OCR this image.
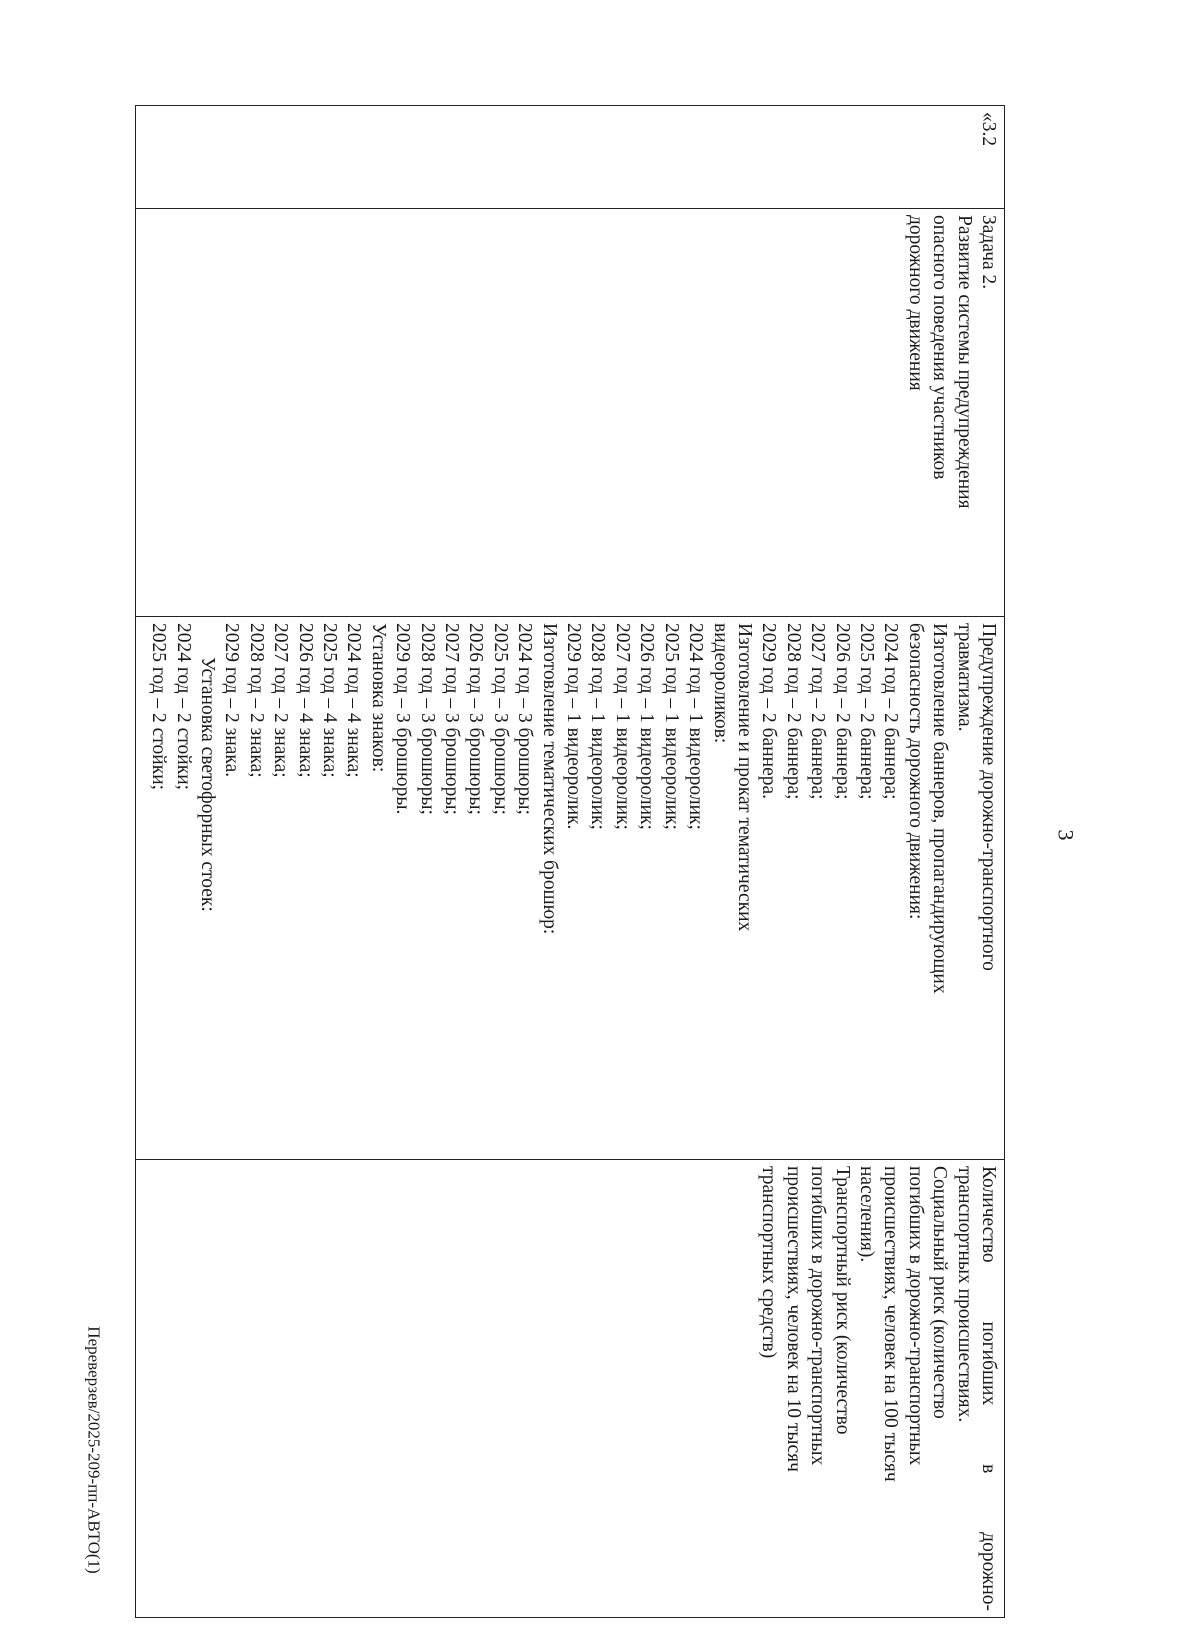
3
Переверзев/2025-209-пп-АВТО(1)
«3.2

Задача 2.
Развитие системы предупреждения
опасного поведения участников
дорожного движения

Предупреждение дорожно-транспортного
травматизма.
Изготовление баннеров, пропагандирующих
безопасность дорожного движения:
2024 год – 2 баннера;
2025 год – 2 баннера;
2026 год – 2 баннера;
2027 год – 2 баннера;
2028 год – 2 баннера;
2029 год – 2 баннера.
Изготовление и прокат тематических
видеороликов:
2024 год – 1 видеоролик;
2025 год – 1 видеоролик;
2026 год – 1 видеоролик;
2027 год – 1 видеоролик;
2028 год – 1 видеоролик;
2029 год – 1 видеоролик.
Изготовление тематических брошюр:
2024 год – 3 брошюры;
2025 год – 3 брошюры;
2026 год – 3 брошюры;
2027 год – 3 брошюры;
2028 год – 3 брошюры;
2029 год – 3 брошюры.
Установка знаков:
2024 год – 4 знака;
2025 год – 4 знака;
2026 год – 4 знака;
2027 год – 2 знака;
2028 год – 2 знака;
2029 год – 2 знака.
Установка светофорных стоек:
2024 год – 2 стойки;
2025 год – 2 стойки;

Количество погибших в дорожно-
транспортных происшествиях.
Социальный риск (количество
погибших в дорожно-транспортных
происшествиях, человек на 100 тысяч
населения).
Транспортный риск (количество
погибших в дорожно-транспортных
происшествиях, человек на 10 тысяч
транспортных средств)
